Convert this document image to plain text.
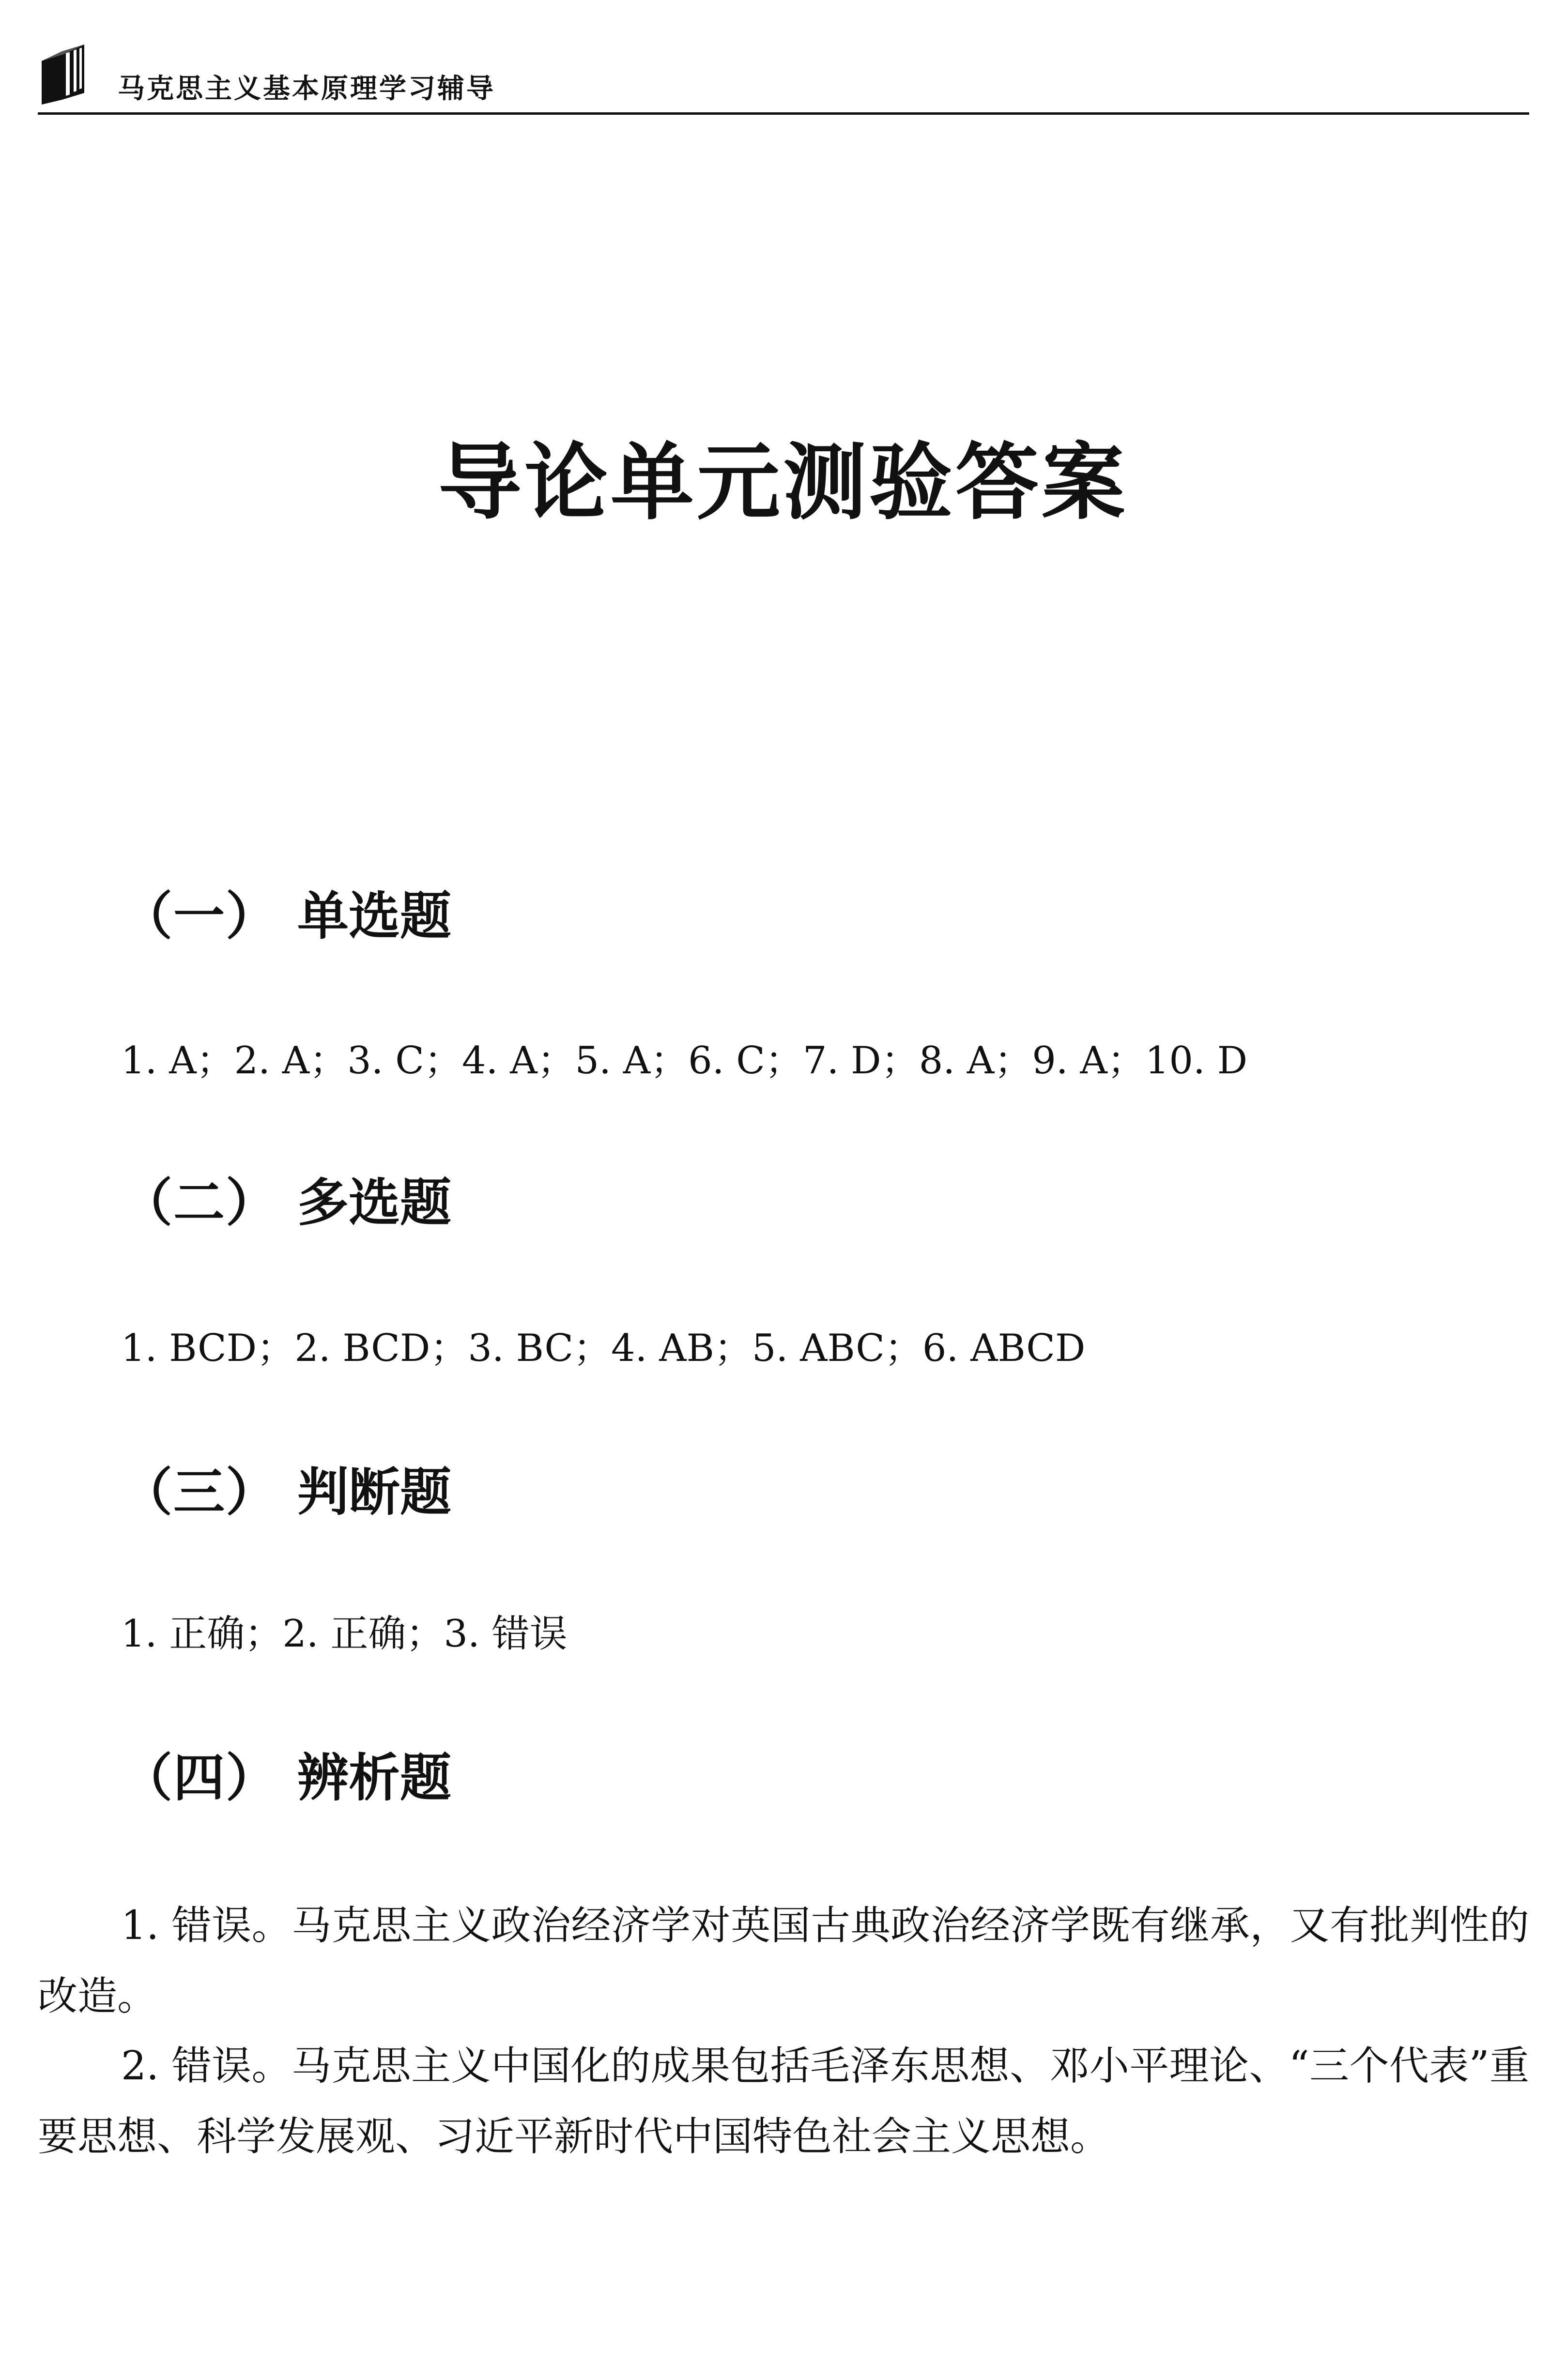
马克思主义基本原理学习辅导
导论单元测验答案
（一） 单选题
1. A；2. A；3. C；4. A；5. A；6. C；7. D；8. A；9. A；10. D
（二） 多选题
1. BCD；2. BCD；3. BC；4. AB；5. ABC；6. ABCD
（三） 判断题
1. 正确；2. 正确；3. 错误
（四） 辨析题
1. 错误。马克思主义政治经济学对英国古典政治经济学既有继承，又有批判性的改造。
2. 错误。马克思主义中国化的成果包括毛泽东思想、邓小平理论、“三个代表”重要思想、科学发展观、习近平新时代中国特色社会主义思想。
